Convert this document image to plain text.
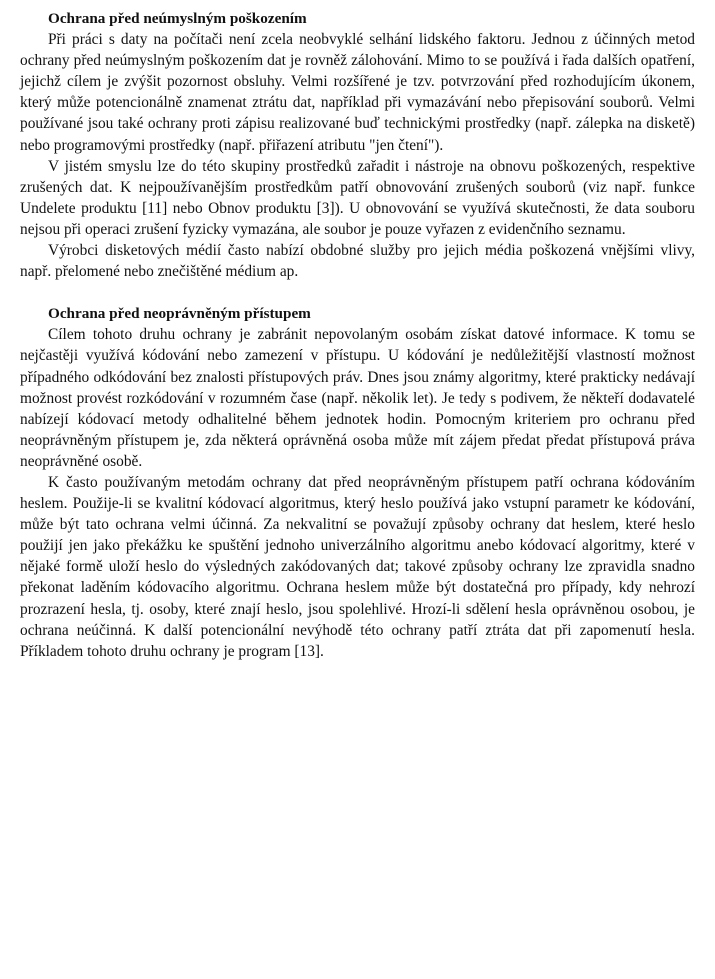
Ochrana před neúmyslným poškozením

Při práci s daty na počítači není zcela neobvyklé selhání lidského faktoru. Jednou z účinných metod ochrany před neúmyslným poškozením dat je rovněž zálohování. Mimo to se používá i řada dalších opatření, jejichž cílem je zvýšit pozornost obsluhy. Velmi rozšířené je tzv. potvrzování před rozhodujícím úkonem, který může potencionálně znamenat ztrátu dat, například při vymazávání nebo přepisování souborů. Velmi používané jsou také ochrany proti zápisu realizované buď technickými prostředky (např. zálepka na disketě) nebo programovými prostředky (např. přiřazení atributu "jen čtení").

V jistém smyslu lze do této skupiny prostředků zařadit i nástroje na obnovu poškozených, respektive zrušených dat. K nejpoužívanějším prostředkům patří obnovování zrušených souborů (viz např. funkce Undelete produktu [11] nebo Obnov produktu [3]). U obnovování se využívá skutečnosti, že data souboru nejsou při operaci zrušení fyzicky vymazána, ale soubor je pouze vyřazen z evidenčního seznamu.

Výrobci disketových médií často nabízí obdobné služby pro jejich média poškozená vnějšími vlivy, např. přelomené nebo znečištěné médium ap.

Ochrana před neoprávněným přístupem

Cílem tohoto druhu ochrany je zabránit nepovolaným osobám získat datové informace. K tomu se nejčastěji využívá kódování nebo zamezení v přístupu. U kódování je nedůležitější vlastností možnost případného odkódování bez znalosti přístupových práv. Dnes jsou známy algoritmy, které prakticky nedávají možnost provést rozkódování v rozumném čase (např. několik let). Je tedy s podivem, že někteří dodavatelé nabízejí kódovací metody odhalitelné během jednotek hodin. Pomocným kriteriem pro ochranu před neoprávněným přístupem je, zda některá oprávněná osoba může mít zájem předat předat přístupová práva neoprávněné osobě.

K často používaným metodám ochrany dat před neoprávněným přístupem patří ochrana kódováním heslem. Použije-li se kvalitní kódovací algoritmus, který heslo používá jako vstupní parametr ke kódování, může být tato ochrana velmi účinná. Za nekvalitní se považují způsoby ochrany dat heslem, které heslo použijí jen jako překážku ke spuštění jednoho univerzálního algoritmu anebo kódovací algoritmy, které v nějaké formě uloží heslo do výsledných zakódovaných dat; takové způsoby ochrany lze zpravidla snadno překonat laděním kódovacího algoritmu. Ochrana heslem může být dostatečná pro případy, kdy nehrozí prozrazení hesla, tj. osoby, které znají heslo, jsou spolehlivé. Hrozí-li sdělení hesla oprávněnou osobou, je ochrana neúčinná. K další potencionální nevýhodě této ochrany patří ztráta dat při zapomenutí hesla. Příkladem tohoto druhu ochrany je program [13].
